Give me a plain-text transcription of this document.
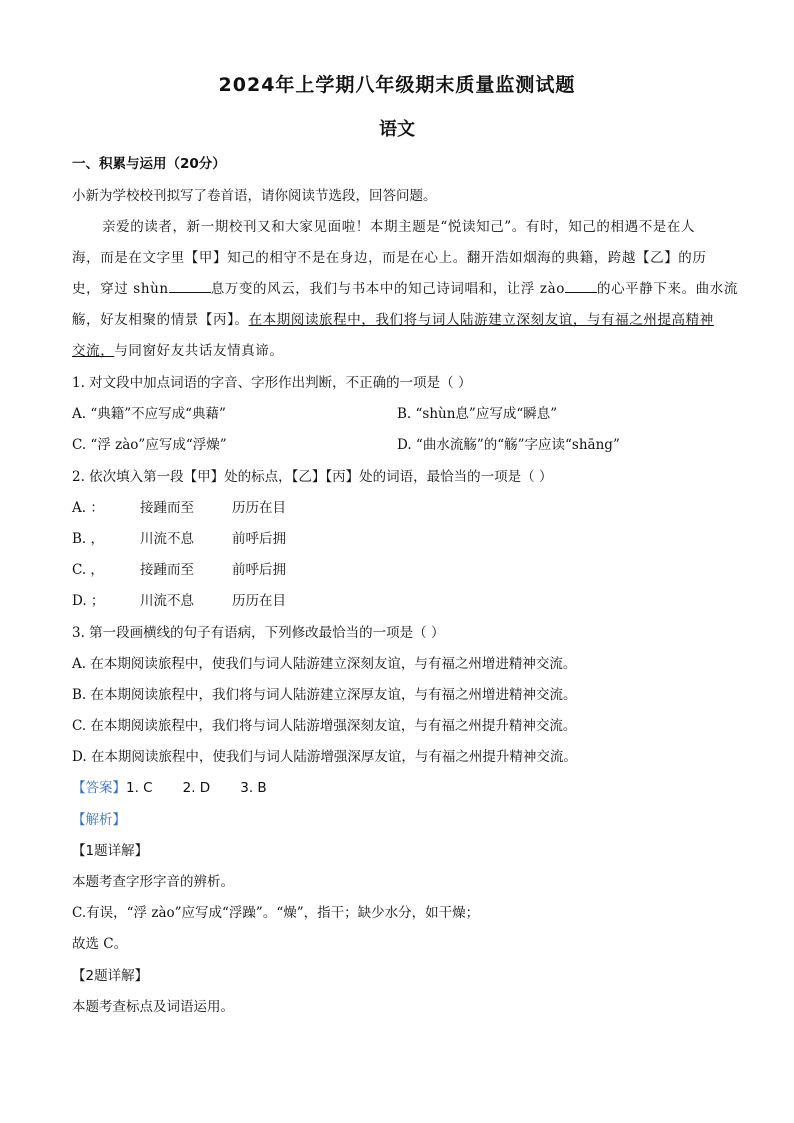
2024年上学期八年级期末质量监测试题
语文
一、积累与运用（20分）
小新为学校校刊拟写了卷首语，请你阅读节选段，回答问题。
亲爱的读者，新一期校刊又和大家见面啦！本期主题是“悦读知己”。有时，知己的相遇不是在人
海，而是在文字里【甲】知己的相守不是在身边，而是在心上。翻开浩如烟海的典籍，跨越【乙】的历
史，穿过 shùn	息万变的风云，我们与书本中的知己诗词唱和，让浮 zào 的心平静下来。曲水流
觞，好友相聚的情景【丙】。在本期阅读旅程中，我们将与词人陆游建立深刻友谊，与有福之州提高精神
交流，与同窗好友共话友情真谛。
1. 对文段中加点词语的字音、字形作出判断，不正确的一项是（ ）
A. “典籍”不应写成“典藉”	B. “shùn息”应写成“瞬息”
C. “浮 zào”应写成“浮燥”	D. “曲水流觞”的“觞”字应读“shāng”
2. 依次填入第一段【甲】处的标点，【乙】【丙】处的词语，最恰当的一项是（ ）
A. ：	接踵而至	历历在目
B. ，	川流不息	前呼后拥
C. ，	接踵而至	前呼后拥
D. ；	川流不息	历历在目
3. 第一段画横线的句子有语病，下列修改最恰当的一项是（ ）
A. 在本期阅读旅程中，使我们与词人陆游建立深刻友谊，与有福之州增进精神交流。
B. 在本期阅读旅程中，我们将与词人陆游建立深厚友谊，与有福之州增进精神交流。
C. 在本期阅读旅程中，我们将与词人陆游增强深刻友谊，与有福之州提升精神交流。
D. 在本期阅读旅程中，使我们与词人陆游增强深厚友谊，与有福之州提升精神交流。
【答案】1. C       2. D       3. B
【解析】
【1题详解】
本题考查字形字音的辨析。
C.有误，“浮 zào”应写成“浮躁”。“燥”，指干；缺少水分，如干燥；
故选 C。
【2题详解】
本题考查标点及词语运用。
